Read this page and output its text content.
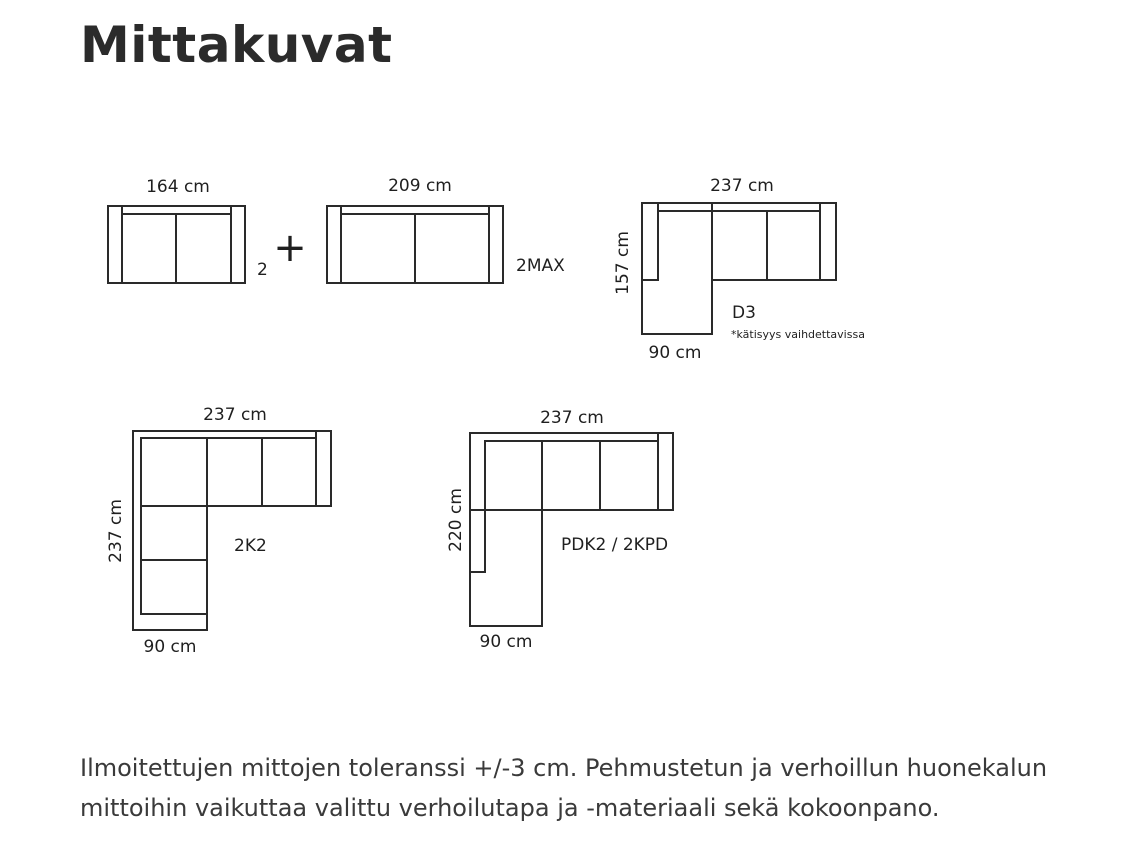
Mittakuvat
164 cm
2 +
209 cm
2MAX
237 cm
157 cm
90 cm
D3
*kätisyys vaihdettavissa
237 cm
237 cm
90 cm
2K2
237 cm
220 cm
90 cm
PDK2 / 2KPD

Ilmoitettujen mittojen toleranssi +/-3 cm. Pehmustetun ja verhoillun huonekalun mittoihin vaikuttaa valittu verhoilutapa ja -materiaali sekä kokoonpano.
